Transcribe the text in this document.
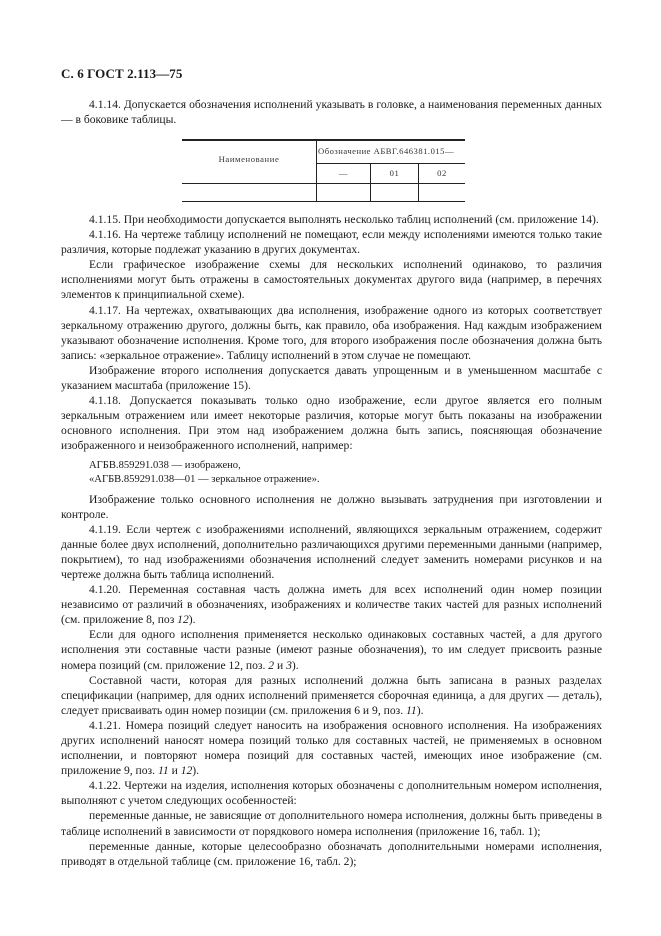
С. 6 ГОСТ 2.113—75

4.1.14. Допускается обозначения исполнений указывать в головке, а наименования переменных данных — в боковике таблицы.

Наименование
Обозначение АБВГ.646381.015—
—	01	02

4.1.15. При необходимости допускается выполнять несколько таблиц исполнений (см. приложение 14).

4.1.16. На чертеже таблицу исполнений не помещают, если между исполениями имеются только такие различия, которые подлежат указанию в других документах.

Если графическое изображение схемы для нескольких исполнений одинаково, то различия исполнениями могут быть отражены в самостоятельных документах другого вида (например, в перечнях элементов к принципиальной схеме).

4.1.17. На чертежах, охватывающих два исполнения, изображение одного из которых соответствует зеркальному отражению другого, должны быть, как правило, оба изображения. Над каждым изображением указывают обозначение исполнения. Кроме того, для второго изображения после обозначения должна быть запись: «зеркальное отражение». Таблицу исполнений в этом случае не помещают.

Изображение второго исполнения допускается давать упрощенным и в уменьшенном масштабе с указанием масштаба (приложение 15).

4.1.18. Допускается показывать только одно изображение, если другое является его полным зеркальным отражением или имеет некоторые различия, которые могут быть показаны на изображении основного исполнения. При этом над изображением должна быть запись, поясняющая обозначение изображенного и неизображенного исполнений, например:

АГБВ.859291.038 — изображено,

«АГБВ.859291.038—01 — зеркальное отражение».

Изображение только основного исполнения не должно вызывать затруднения при изготовлении и контроле.

4.1.19. Если чертеж с изображениями исполнений, являющихся зеркальным отражением, содержит данные более двух исполнений, дополнительно различающихся другими переменными данными (например, покрытием), то над изображениями обозначения исполнений следует заменить номерами рисунков и на чертеже должна быть таблица исполнений.

4.1.20. Переменная составная часть должна иметь для всех исполнений один номер позиции независимо от различий в обозначениях, изображениях и количестве таких частей для разных исполнений (см. приложение 8, поз 12).

Если для одного исполнения применяется несколько одинаковых составных частей, а для другого исполнения эти составные части разные (имеют разные обозначения), то им следует присвоить разные номера позиций (см. приложение 12, поз. 2 и 3).

Составной части, которая для разных исполнений должна быть записана в разных разделах спецификации (например, для одних исполнений применяется сборочная единица, а для других — деталь), следует присваивать один номер позиции (см. приложения 6 и 9, поз. 11).

4.1.21. Номера позиций следует наносить на изображения основного исполнения. На изображениях других исполнений наносят номера позиций только для составных частей, не применяемых в основном исполнении, и повторяют номера позиций для составных частей, имеющих иное изображение (см. приложение 9, поз. 11 и 12).

4.1.22. Чертежи на изделия, исполнения которых обозначены с дополнительным номером исполнения, выполняют с учетом следующих особенностей:

переменные данные, не зависящие от дополнительного номера исполнения, должны быть приведены в таблице исполнений в зависимости от порядкового номера исполнения (приложение 16, табл. 1);

переменные данные, которые целесообразно обозначать дополнительными номерами исполнения, приводят в отдельной таблице (см. приложение 16, табл. 2);
